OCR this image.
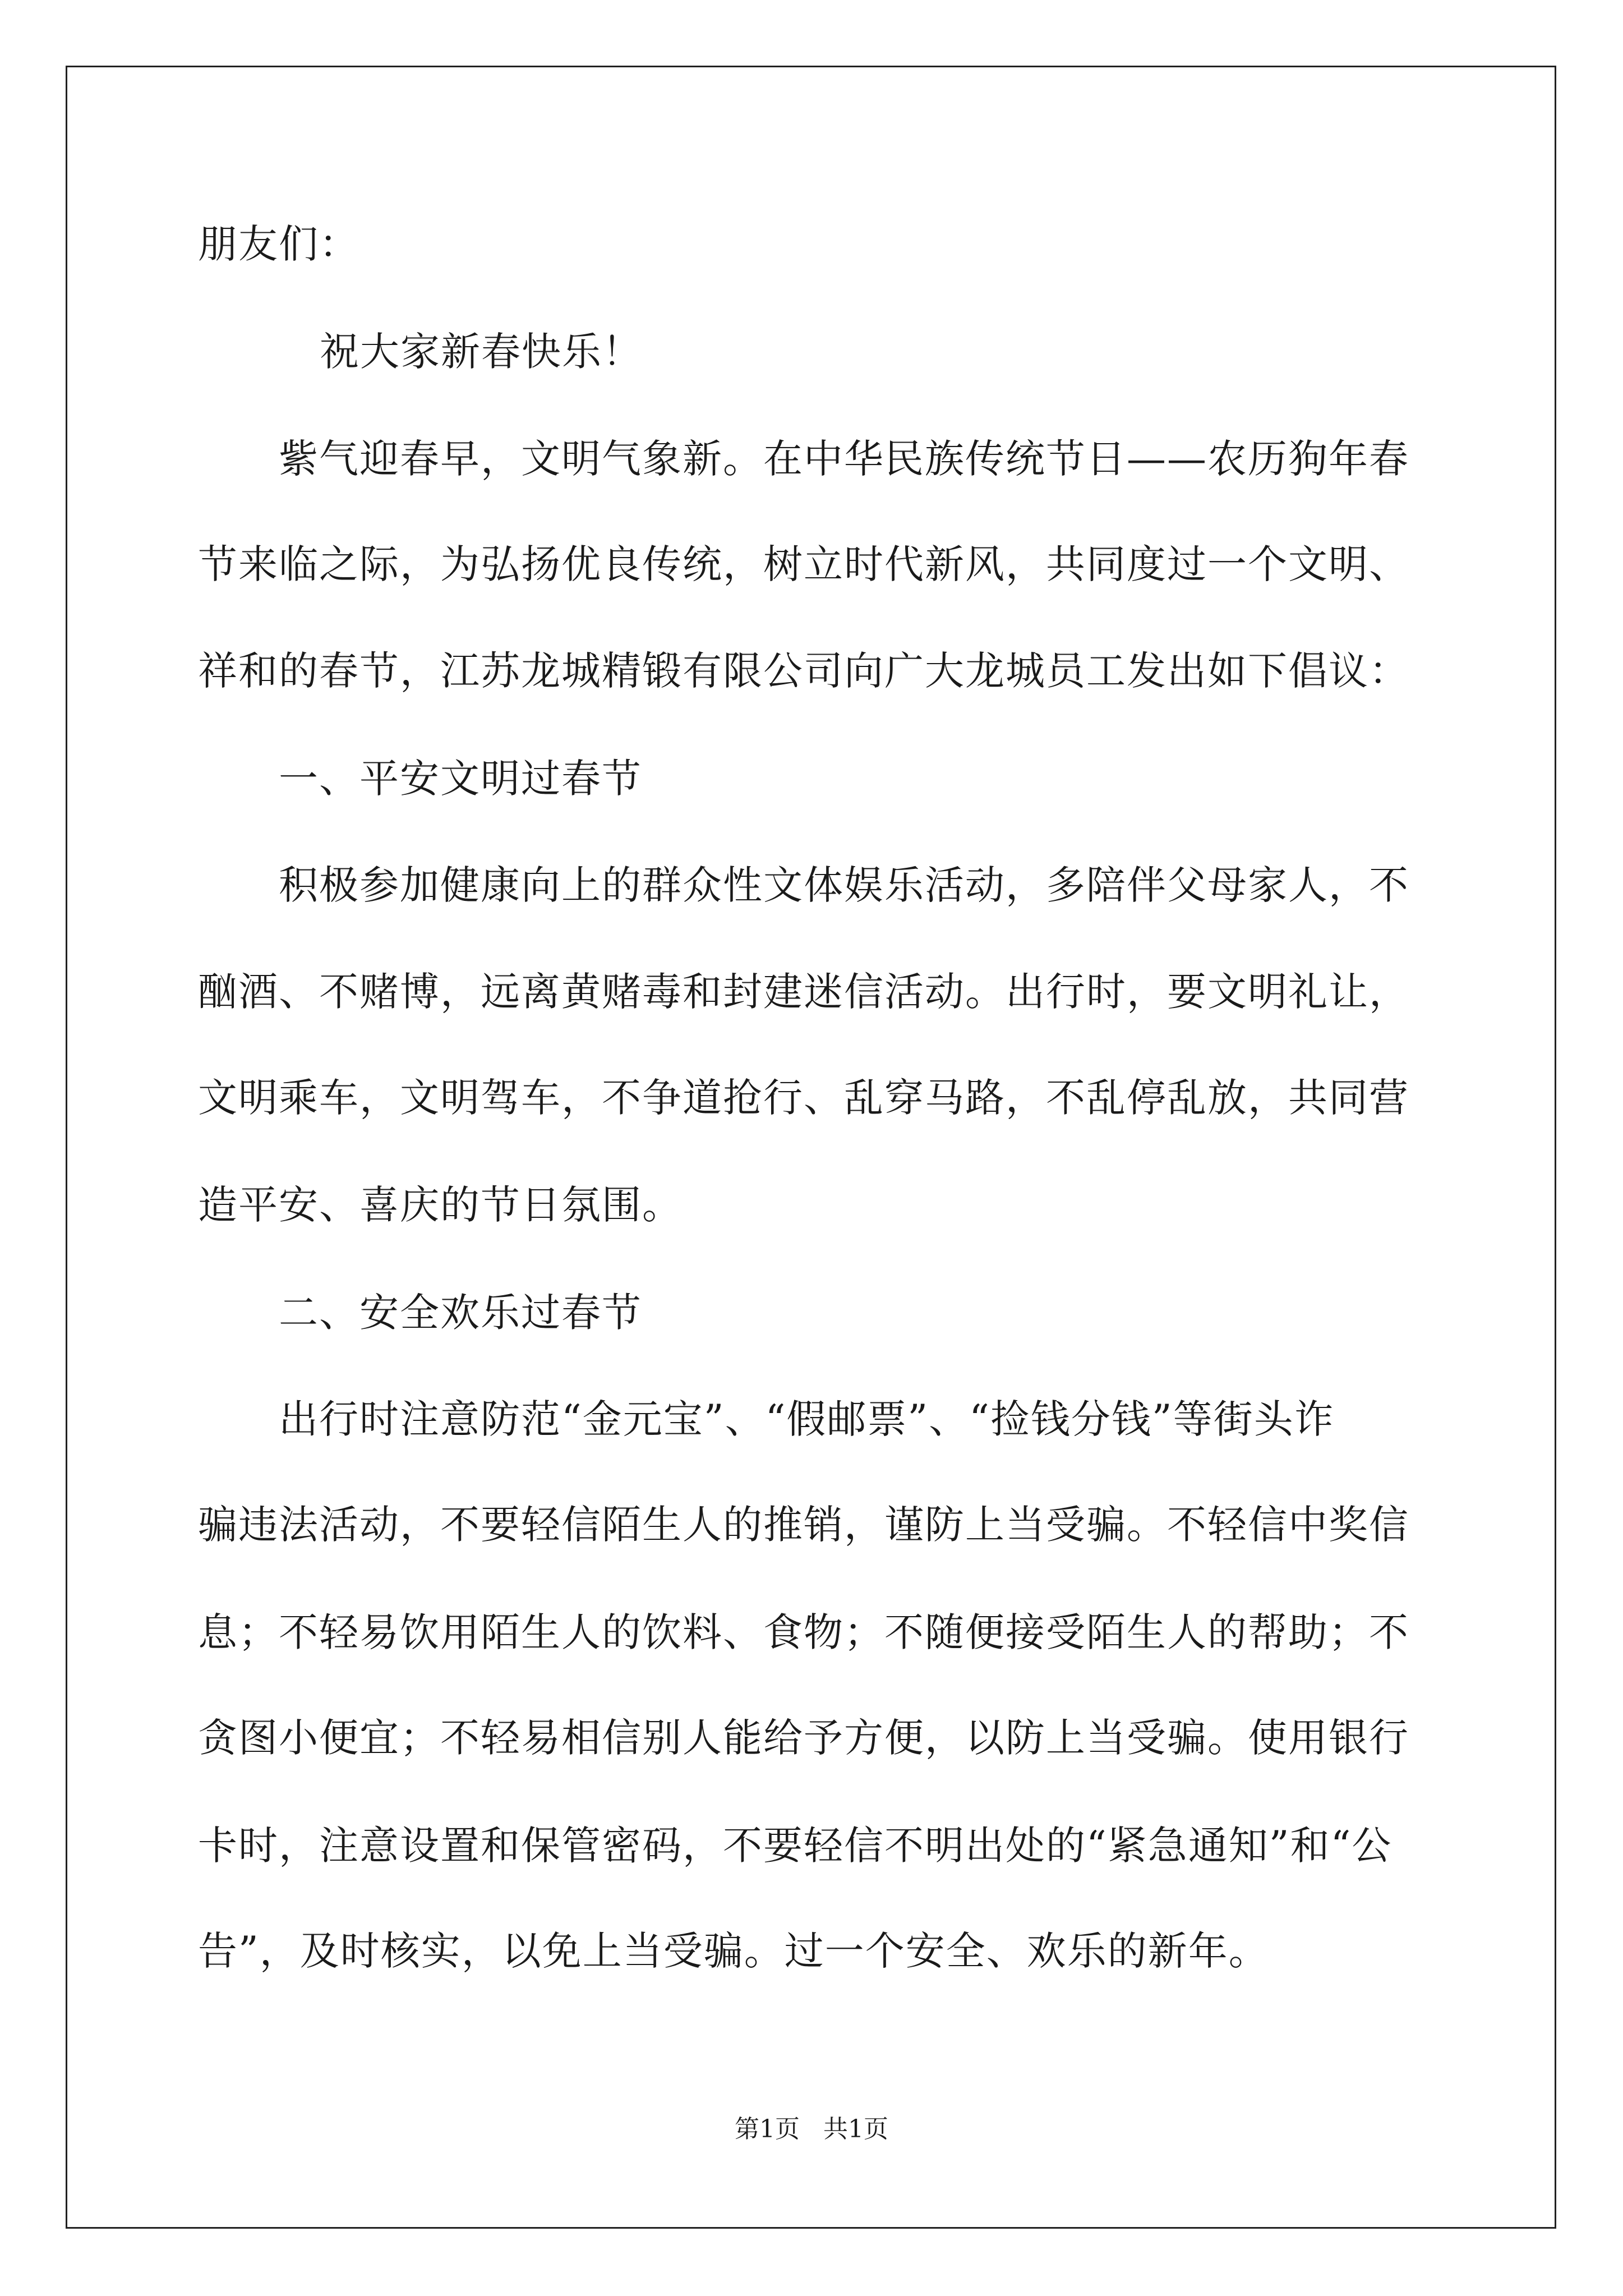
朋友们：
祝大家新春快乐！
紫气迎春早，文明气象新。在中华民族传统节日——农历狗年春
节来临之际，为弘扬优良传统，树立时代新风，共同度过一个文明、
祥和的春节，江苏龙城精锻有限公司向广大龙城员工发出如下倡议：
一、平安文明过春节
积极参加健康向上的群众性文体娱乐活动，多陪伴父母家人，不
酗酒、不赌博，远离黄赌毒和封建迷信活动。出行时，要文明礼让，
文明乘车，文明驾车，不争道抢行、乱穿马路，不乱停乱放，共同营
造平安、喜庆的节日氛围。
二、安全欢乐过春节
出行时注意防范“金元宝”、“假邮票”、“捡钱分钱”等街头诈
骗违法活动，不要轻信陌生人的推销，谨防上当受骗。不轻信中奖信
息；不轻易饮用陌生人的饮料、食物；不随便接受陌生人的帮助；不
贪图小便宜；不轻易相信别人能给予方便，以防上当受骗。使用银行
卡时，注意设置和保管密码，不要轻信不明出处的“紧急通知”和“公
告”，及时核实，以免上当受骗。过一个安全、欢乐的新年。
第1页   共1页
